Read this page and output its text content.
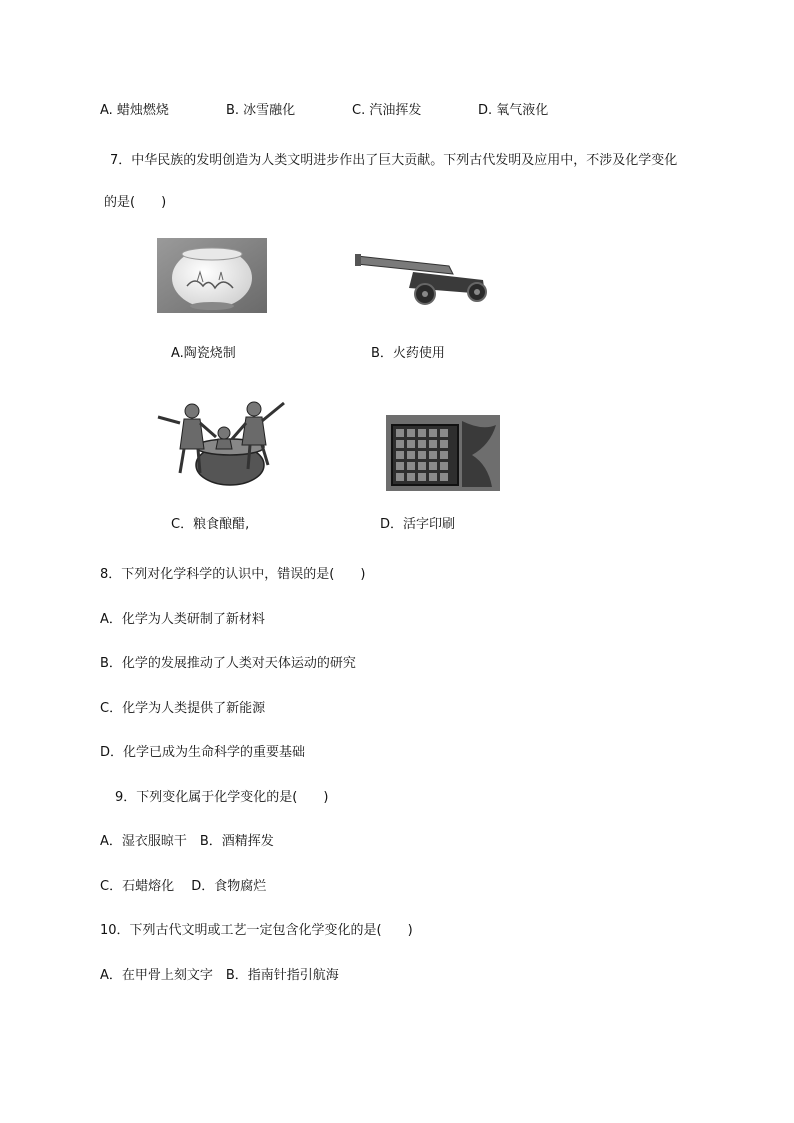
A. 蜡烛燃烧	B. 冰雪融化	C. 汽油挥发	D. 氧气液化
7．中华民族的发明创造为人类文明进步作出了巨大贡献。下列古代发明及应用中，不涉及化学变化
的是(　　)
A.陶瓷烧制	B．火药使用
C．粮食酿醋,	D．活字印刷
8．下列对化学科学的认识中，错误的是(　　)
A．化学为人类研制了新材料
B．化学的发展推动了人类对天体运动的研究
C．化学为人类提供了新能源
D．化学已成为生命科学的重要基础
9．下列变化属于化学变化的是(　　)
A．湿衣服晾干　B．酒精挥发
C．石蜡熔化　 D．食物腐烂
10．下列古代文明或工艺一定包含化学变化的是(　　)
A．在甲骨上刻文字　B．指南针指引航海
